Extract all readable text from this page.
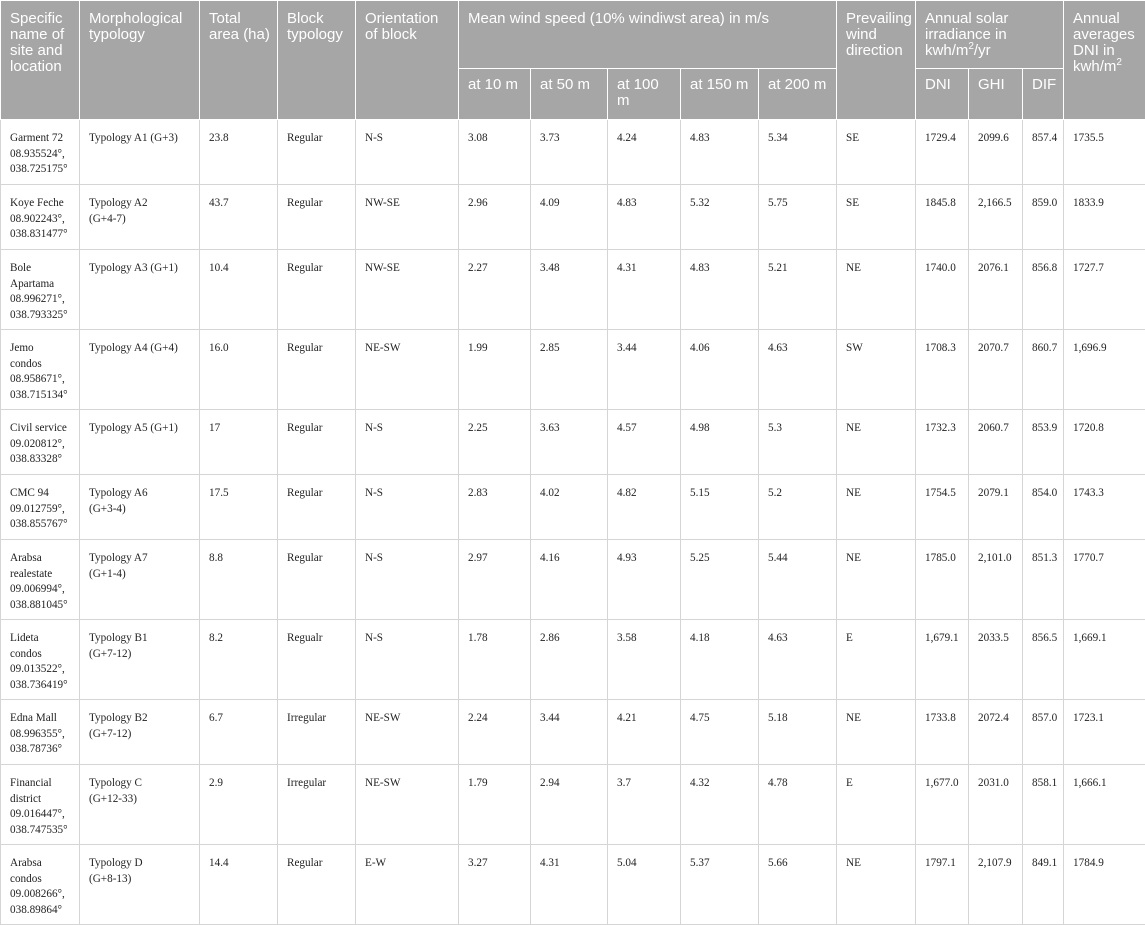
Specific name of site and location	Morphological typology	Total area (ha)	Block typology	Orientation of block	Mean wind speed (10% windiwst area) in m/s					Prevailing wind direction	Annual solar irradiance in kwh/$m^2/yr$			Annual averages DNI in kwh/$m^2$
					at 10 m	at 50 m	at 100 m	at 150 m	at 200 m		DNI	GHI	DIF	
Garment 72
08.935524°,
038.725175°	Typology A1 (G+3)	23.8	Regular	N-S	3.08	3.73	4.24	4.83	5.34	SE	1729.4	2099.6	857.4	1735.5
Koye Feche
08.902243°,
038.831477°	Typology A2
(G+4-7)	43.7	Regular	NW-SE	2.96	4.09	4.83	5.32	5.75	SE	1845.8	2,166.5	859.0	1833.9
Bole
Apartama
08.996271°,
038.793325°	Typology A3 (G+1)	10.4	Regular	NW-SE	2.27	3.48	4.31	4.83	5.21	NE	1740.0	2076.1	856.8	1727.7
Jemo
condos
08.958671°,
038.715134°	Typology A4 (G+4)	16.0	Regular	NE-SW	1.99	2.85	3.44	4.06	4.63	SW	1708.3	2070.7	860.7	1,696.9
Civil service
09.020812°,
038.83328°	Typology A5 (G+1)	17	Regular	N-S	2.25	3.63	4.57	4.98	5.3	NE	1732.3	2060.7	853.9	1720.8
CMC 94
09.012759°,
038.855767°	Typology A6
(G+3-4)	17.5	Regular	N-S	2.83	4.02	4.82	5.15	5.2	NE	1754.5	2079.1	854.0	1743.3
Arabsa
realestate
09.006994°,
038.881045°	Typology A7
(G+1-4)	8.8	Regular	N-S	2.97	4.16	4.93	5.25	5.44	NE	1785.0	2,101.0	851.3	1770.7
Lideta
condos
09.013522°,
038.736419°	Typology B1
(G+7-12)	8.2	Regualr	N-S	1.78	2.86	3.58	4.18	4.63	E	1,679.1	2033.5	856.5	1,669.1
Edna Mall
08.996355°,
038.78736°	Typology B2
(G+7-12)	6.7	Irregular	NE-SW	2.24	3.44	4.21	4.75	5.18	NE	1733.8	2072.4	857.0	1723.1
Financial
district
09.016447°,
038.747535°	Typology C
(G+12-33)	2.9	Irregular	NE-SW	1.79	2.94	3.7	4.32	4.78	E	1,677.0	2031.0	858.1	1,666.1
Arabsa
condos
09.008266°,
038.89864°	Typology D
(G+8-13)	14.4	Regular	E-W	3.27	4.31	5.04	5.37	5.66	NE	1797.1	2,107.9	849.1	1784.9
